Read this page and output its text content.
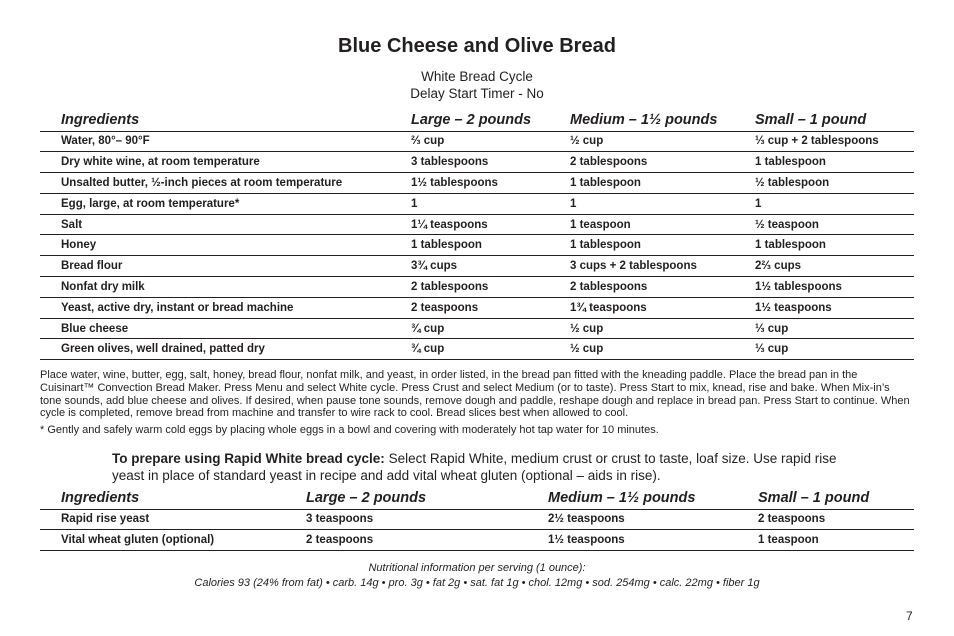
Blue Cheese and Olive Bread
White Bread Cycle
Delay Start Timer - No
Ingredients	Large – 2 pounds	Medium – 1½ pounds	Small – 1 pound
Water, 80°– 90°F	⅔ cup	½ cup	⅓ cup + 2 tablespoons
Dry white wine, at room temperature	3 tablespoons	2 tablespoons	1 tablespoon
Unsalted butter, ½-inch pieces at room temperature	1½ tablespoons	1 tablespoon	½ tablespoon
Egg, large, at room temperature*	1	1	1
Salt	1¼ teaspoons	1 teaspoon	½ teaspoon
Honey	1 tablespoon	1 tablespoon	1 tablespoon
Bread flour	3¾ cups	3 cups + 2 tablespoons	2⅔ cups
Nonfat dry milk	2 tablespoons	2 tablespoons	1½ tablespoons
Yeast, active dry, instant or bread machine	2 teaspoons	1¾ teaspoons	1½ teaspoons
Blue cheese	¾ cup	½ cup	⅓ cup
Green olives, well drained, patted dry	¾ cup	½ cup	⅓ cup

Place water, wine, butter, egg, salt, honey, bread flour, nonfat milk, and yeast, in order listed, in the bread pan fitted with the kneading paddle. Place the bread pan in the Cuisinart™ Convection Bread Maker. Press Menu and select White cycle. Press Crust and select Medium (or to taste). Press Start to mix, knead, rise and bake. When Mix-in’s tone sounds, add blue cheese and olives. If desired, when pause tone sounds, remove dough and paddle, reshape dough and replace in bread pan. Press Start to continue. When cycle is completed, remove bread from machine and transfer to wire rack to cool. Bread slices best when allowed to cool.

* Gently and safely warm cold eggs by placing whole eggs in a bowl and covering with moderately hot tap water for 10 minutes.

To prepare using Rapid White bread cycle: Select Rapid White, medium crust or crust to taste, loaf size. Use rapid rise yeast in place of standard yeast in recipe and add vital wheat gluten (optional – aids in rise).

Ingredients	Large – 2 pounds	Medium – 1½ pounds	Small – 1 pound
Rapid rise yeast	3 teaspoons	2½ teaspoons	2 teaspoons
Vital wheat gluten (optional)	2 teaspoons	1½ teaspoons	1 teaspoon
Nutritional information per serving (1 ounce):
Calories 93 (24% from fat) • carb. 14g • pro. 3g • fat 2g • sat. fat 1g • chol. 12mg • sod. 254mg • calc. 22mg • fiber 1g
7
